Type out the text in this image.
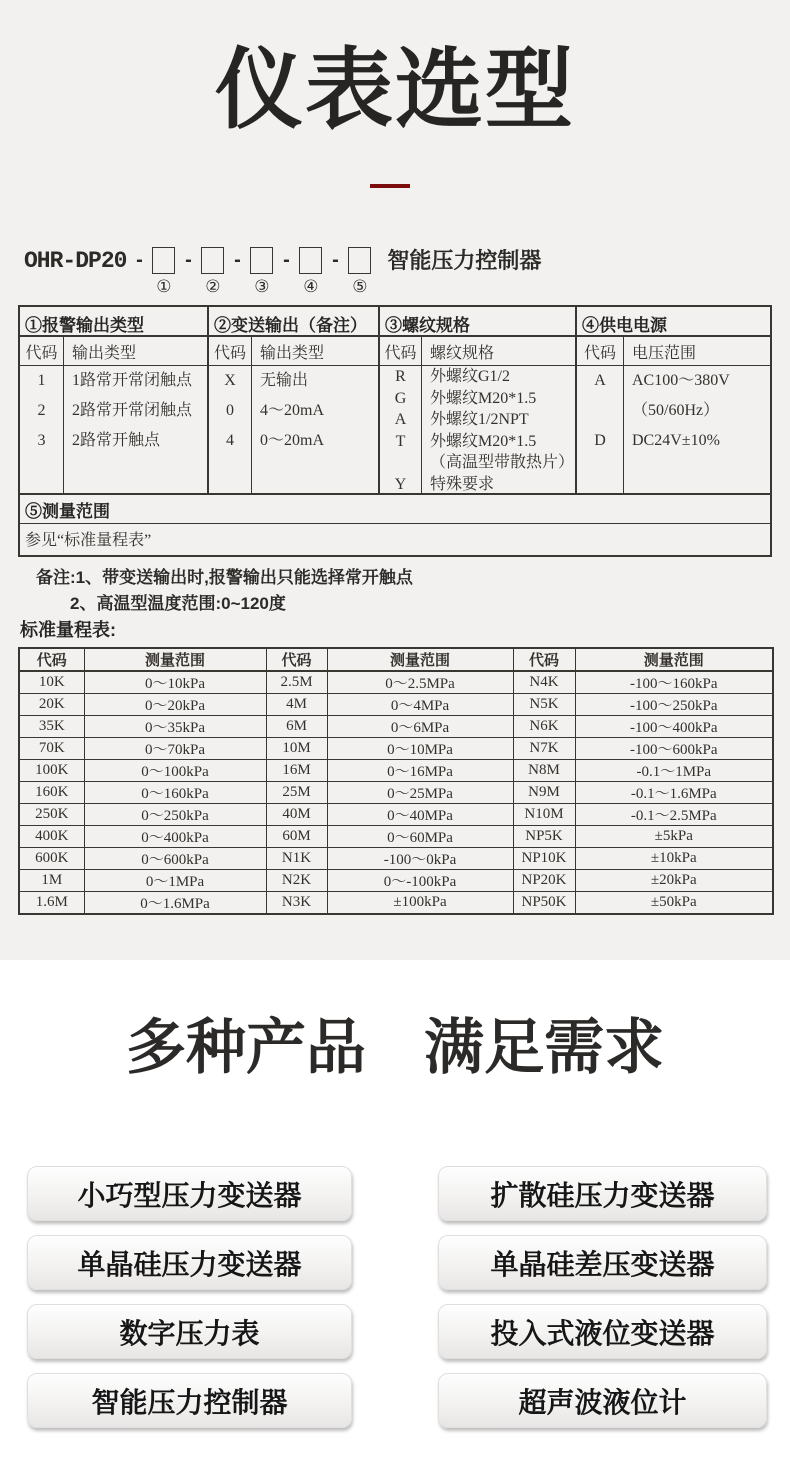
仪表选型
OHR-DP20 -
①
-
②
-
③
-
④
-
⑤
智能压力控制器
①报警输出类型
代码 输出类型
1	1路常开常闭触点
2	2路常开常闭触点
3	2路常开触点
②变送输出（备注）
代码 输出类型
X	无输出
0	4～20mA
4	0～20mA
③螺纹规格
代码 螺纹规格
R	外螺纹G1/2
G	外螺纹M20*1.5
A	外螺纹1/2NPT
T	外螺纹M20*1.5
（高温型带散热片）
Y	特殊要求
④供电电源
代码	电压范围
A	AC100～380V
（50/60Hz）
D	DC24V±10%
⑤测量范围
参见“标准量程表”
备注:1、带变送输出时,报警输出只能选择常开触点
2、高温型温度范围:0~120度
标准量程表:
代码	测量范围	代码	测量范围	代码	测量范围
10K	0～10kPa	2.5M	0～2.5MPa	N4K	-100～160kPa
20K	0～20kPa	4M	0～4MPa	N5K	-100～250kPa
35K	0～35kPa	6M	0～6MPa	N6K	-100～400kPa
70K	0～70kPa	10M	0～10MPa	N7K	-100～600kPa
100K	0～100kPa	16M	0～16MPa	N8M	-0.1～1MPa
160K	0～160kPa	25M	0～25MPa	N9M	-0.1～1.6MPa
250K	0～250kPa	40M	0～40MPa	N10M	-0.1～2.5MPa
400K	0～400kPa	60M	0～60MPa	NP5K	±5kPa
600K	0～600kPa	N1K	-100～0kPa	NP10K	±10kPa
1M	0～1MPa	N2K	0～-100kPa	NP20K	±20kPa
1.6M	0～1.6MPa	N3K	±100kPa	NP50K	±50kPa
多种产品 满足需求
小巧型压力变送器
单晶硅压力变送器
数字压力表
智能压力控制器
扩散硅压力变送器
单晶硅差压变送器
投入式液位变送器
超声波液位计
